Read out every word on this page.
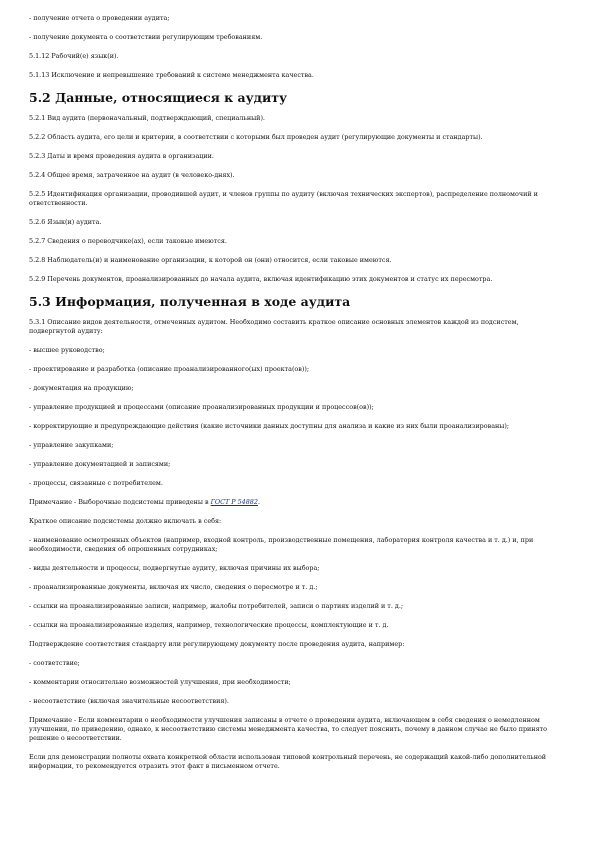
- получение отчета о проведении аудита;

- получение документа о соответствии регулирующим требованиям.

5.1.12 Рабочий(е) язык(и).

5.1.13 Исключение и непревышение требований к системе менеджмента качества.

5.2 Данные, относящиеся к аудиту

5.2.1 Вид аудита (первоначальный, подтверждающий, специальный).

5.2.2 Область аудита, его цели и критерии, в соответствии с которыми был проведен аудит (регулирующие документы и стандарты).

5.2.3 Даты и время проведения аудита в организации.

5.2.4 Общее время, затраченное на аудит (в человеко-днях).

5.2.5 Идентификация организации, проводившей аудит, и членов группы по аудиту (включая технических экспертов), распределение полномочий и ответственности.

5.2.6 Язык(и) аудита.

5.2.7 Сведения о переводчике(ах), если таковые имеются.

5.2.8 Наблюдатель(и) и наименование организации, к которой он (они) относится, если таковые имеются.

5.2.9 Перечень документов, проанализированных до начала аудита, включая идентификацию этих документов и статус их пересмотра.

5.3 Информация, полученная в ходе аудита

5.3.1 Описание видов деятельности, отмеченных аудитом. Необходимо составить краткое описание основных элементов каждой из подсистем, подвергнутой аудиту:

- высшее руководство;

- проектирование и разработка (описание проанализированного(ых) проекта(ов));

- документация на продукцию;

- управление продукцией и процессами (описание проанализированных продукции и процессов(ов));

- корректирующие и предупреждающие действия (какие источники данных доступны для анализа и какие из них были проанализированы);

- управление закупками;

- управление документацией и записями;

- процессы, связанные с потребителем.

Примечание - Выборочные подсистемы приведены в ГОСТ Р 54882.

Краткое описание подсистемы должно включать в себя:

- наименование осмотренных объектов (например, входной контроль, производственные помещения, лаборатория контроля качества и т. д.) и, при необходимости, сведения об опрошенных сотрудниках;

- виды деятельности и процессы, подвергнутые аудиту, включая причины их выбора;

- проанализированные документы, включая их число, сведения о пересмотре и т. д.;

- ссылки на проанализированные записи, например, жалобы потребителей, записи о партиях изделий и т. д.;

- ссылки на проанализированные изделия, например, технологические процессы, комплектующие и т. д.

Подтверждение соответствия стандарту или регулирующему документу после проведения аудита, например:

- соответствие;

- комментарии относительно возможностей улучшения, при необходимости;

- несоответствие (включая значительные несоответствия).

Примечание - Если комментарии о необходимости улучшения записаны в отчете о проведении аудита, включающем в себя сведения о немедленном улучшении, по приведению, однако, к несоответствию системы менеджмента качества, то следует пояснить, почему в данном случае не было принято решение о несоответствии.

Если для демонстрации полноты охвата конкретной области использован типовой контрольный перечень, не содержащий какой-либо дополнительной информации, то рекомендуется отразить этот факт в письменном отчете.
